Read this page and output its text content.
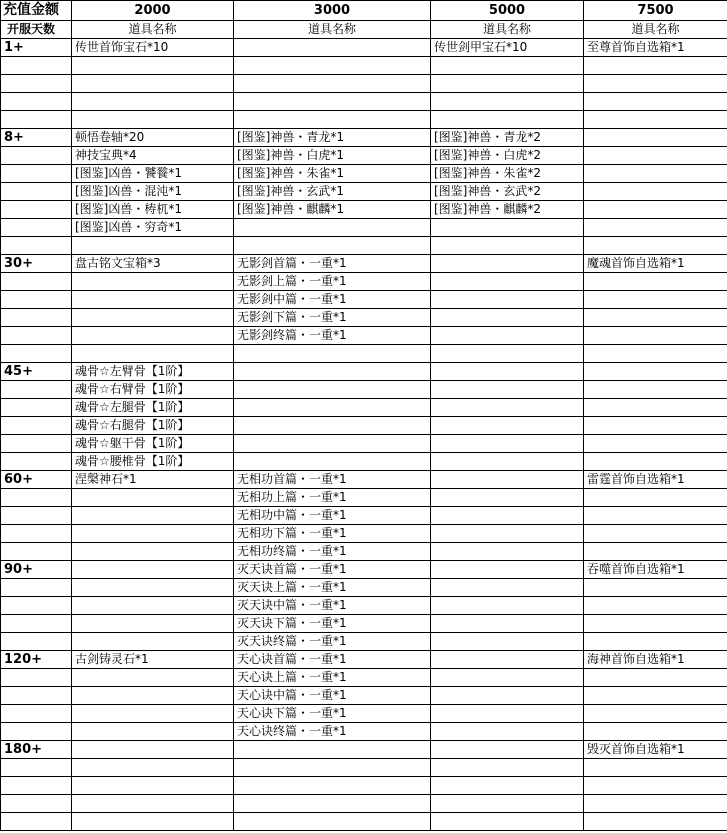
充值金额	2000	3000	5000	7500
开服天数	道具名称	道具名称	道具名称	道具名称
1+	传世首饰宝石*10		传世剑甲宝石*10	至尊首饰自选箱*1

8+	顿悟卷轴*20	[图鉴]神兽・青龙*1	[图鉴]神兽・青龙*2	
	神技宝典*4	[图鉴]神兽・白虎*1	[图鉴]神兽・白虎*2	
	[图鉴]凶兽・饕餮*1	[图鉴]神兽・朱雀*1	[图鉴]神兽・朱雀*2	
	[图鉴]凶兽・混沌*1	[图鉴]神兽・玄武*1	[图鉴]神兽・玄武*2	
	[图鉴]凶兽・梼杌*1	[图鉴]神兽・麒麟*1	[图鉴]神兽・麒麟*2	
	[图鉴]凶兽・穷奇*1			

30+	盘古铭文宝箱*3	无影剑首篇・一重*1		魔魂首饰自选箱*1
		无影剑上篇・一重*1		
		无影剑中篇・一重*1		
		无影剑下篇・一重*1		
		无影剑终篇・一重*1		

45+	魂骨☆左臂骨【1阶】			
	魂骨☆右臂骨【1阶】			
	魂骨☆左腿骨【1阶】			
	魂骨☆右腿骨【1阶】			
	魂骨☆躯干骨【1阶】			
	魂骨☆腰椎骨【1阶】			
60+	涅槃神石*1	无相功首篇・一重*1		雷霆首饰自选箱*1
		无相功上篇・一重*1		
		无相功中篇・一重*1		
		无相功下篇・一重*1		
		无相功终篇・一重*1		
90+		灭天诀首篇・一重*1		吞噬首饰自选箱*1
		灭天诀上篇・一重*1		
		灭天诀中篇・一重*1		
		灭天诀下篇・一重*1		
		灭天诀终篇・一重*1		
120+	古剑铸灵石*1	天心诀首篇・一重*1		海神首饰自选箱*1
		天心诀上篇・一重*1		
		天心诀中篇・一重*1		
		天心诀下篇・一重*1		
		天心诀终篇・一重*1		
180+				毁灭首饰自选箱*1
